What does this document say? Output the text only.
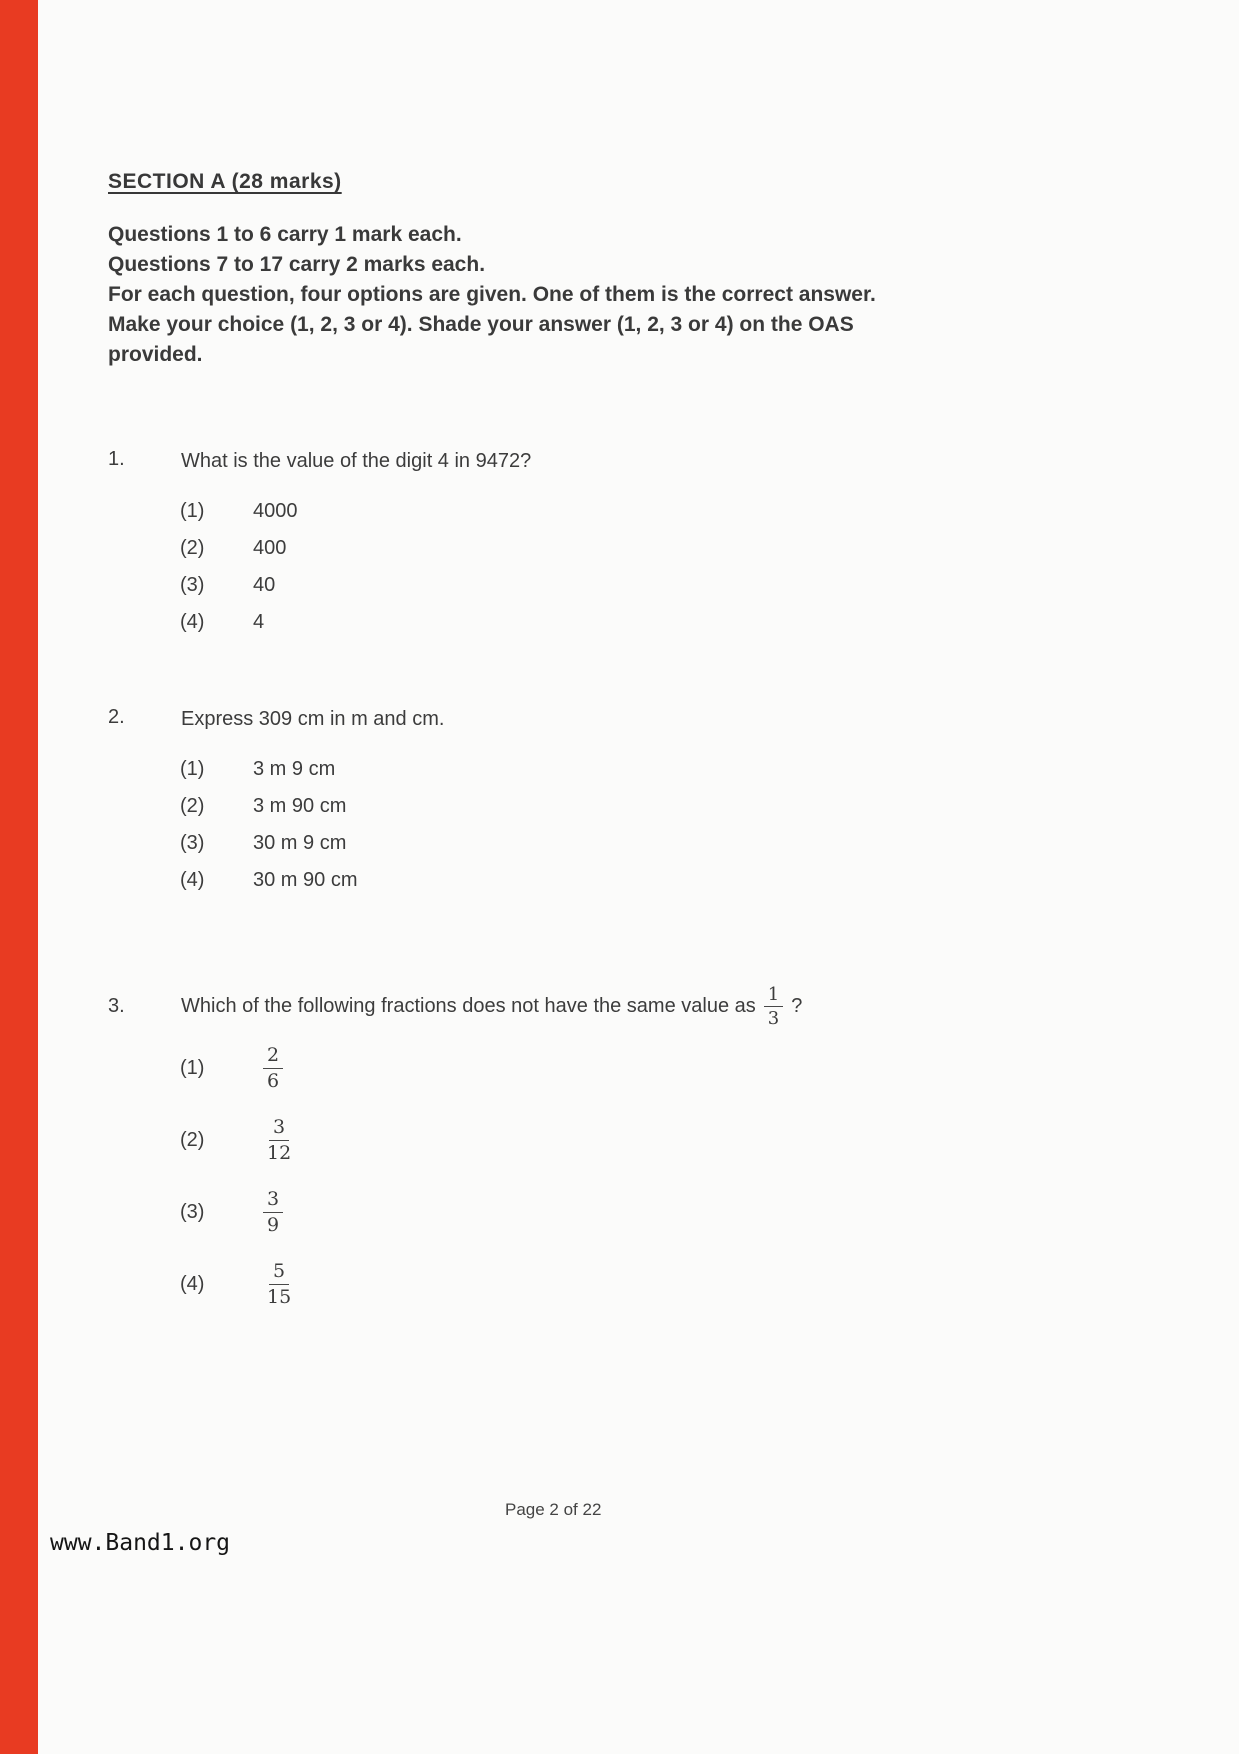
SECTION A (28 marks)
Questions 1 to 6 carry 1 mark each.
Questions 7 to 17 carry 2 marks each.
For each question, four options are given. One of them is the correct answer.
Make your choice (1, 2, 3 or 4). Shade your answer (1, 2, 3 or 4) on the OAS
provided.
1.	What is the value of the digit 4 in 9472?
(1)	4000
(2)	400
(3)	40
(4)	4
2.	Express 309 cm in m and cm.
(1)	3 m 9 cm
(2)	3 m 90 cm
(3)	30 m 9 cm
(4)	30 m 90 cm
3.	Which of the following fractions does not have the same value as $\frac{1}{3}$ ?
(1)	$\frac{2}{6}$
(2)	$\frac{3}{12}$
(3)	$\frac{3}{9}$
(4)	$\frac{5}{15}$
Page 2 of 22
www.Band1.org
